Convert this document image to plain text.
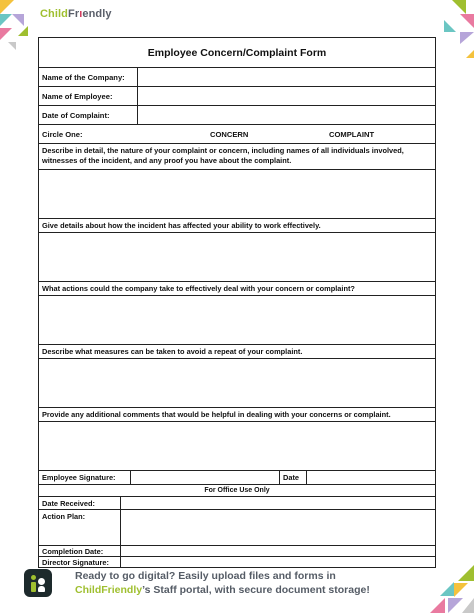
ChildFrıendly
Employee Concern/Complaint Form
Name of the Company:
Name of Employee:
Date of Complaint:
Circle One:	CONCERN	COMPLAINT
Describe in detail, the nature of your complaint or concern, including names of all individuals involved, witnesses of the incident, and any proof you have about the complaint.
Give details about how the incident has affected your ability to work effectively.
What actions could the company take to effectively deal with your concern or complaint?
Describe what measures can be taken to avoid a repeat of your complaint.
Provide any additional comments that would be helpful in dealing with your concerns or complaint.
Employee Signature:	Date
For Office Use Only
Date Received:
Action Plan:
Completion Date:
Director Signature:
Ready to go digital? Easily upload files and forms in
ChildFriendly’s Staff portal, with secure document storage!
